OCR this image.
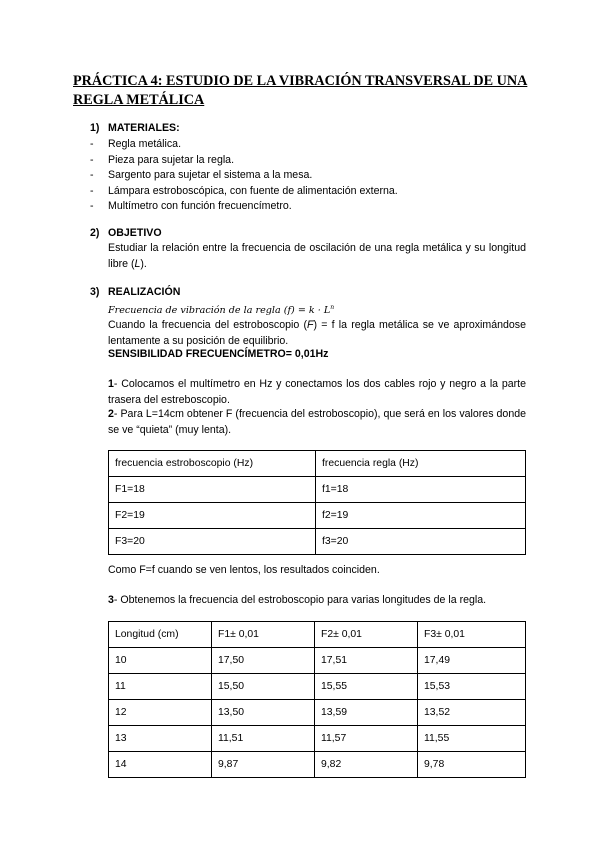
PRÁCTICA 4: ESTUDIO DE LA VIBRACIÓN TRANSVERSAL DE UNA REGLA METÁLICA
1) MATERIALES:
- Regla metálica.
- Pieza para sujetar la regla.
- Sargento para sujetar el sistema a la mesa.
- Lámpara estroboscópica, con fuente de alimentación externa.
- Multímetro con función frecuencímetro.
2) OBJETIVO
Estudiar la relación entre la frecuencia de oscilación de una regla metálica y su longitud libre (L).
3) REALIZACIÓN
Frecuencia de vibración de la regla $(f) = k \cdot L^n$
Cuando la frecuencia del estroboscopio (F) = f la regla metálica se ve aproximándose lentamente a su posición de equilibrio.
SENSIBILIDAD FRECUENCÍMETRO= 0,01Hz
1- Colocamos el multímetro en Hz y conectamos los dos cables rojo y negro a la parte trasera del estreboscopio.
2- Para L=14cm obtener F (frecuencia del estroboscopio), que será en los valores donde se ve “quieta” (muy lenta).
frecuencia estroboscopio (Hz)	frecuencia regla (Hz)
F1=18	f1=18
F2=19	f2=19
F3=20	f3=20
Como F=f cuando se ven lentos, los resultados coinciden.
3- Obtenemos la frecuencia del estroboscopio para varias longitudes de la regla.
Longitud (cm)	F1± 0,01	F2± 0,01	F3± 0,01
10	17,50	17,51	17,49
11	15,50	15,55	15,53
12	13,50	13,59	13,52
13	11,51	11,57	11,55
14	9,87	9,82	9,78
